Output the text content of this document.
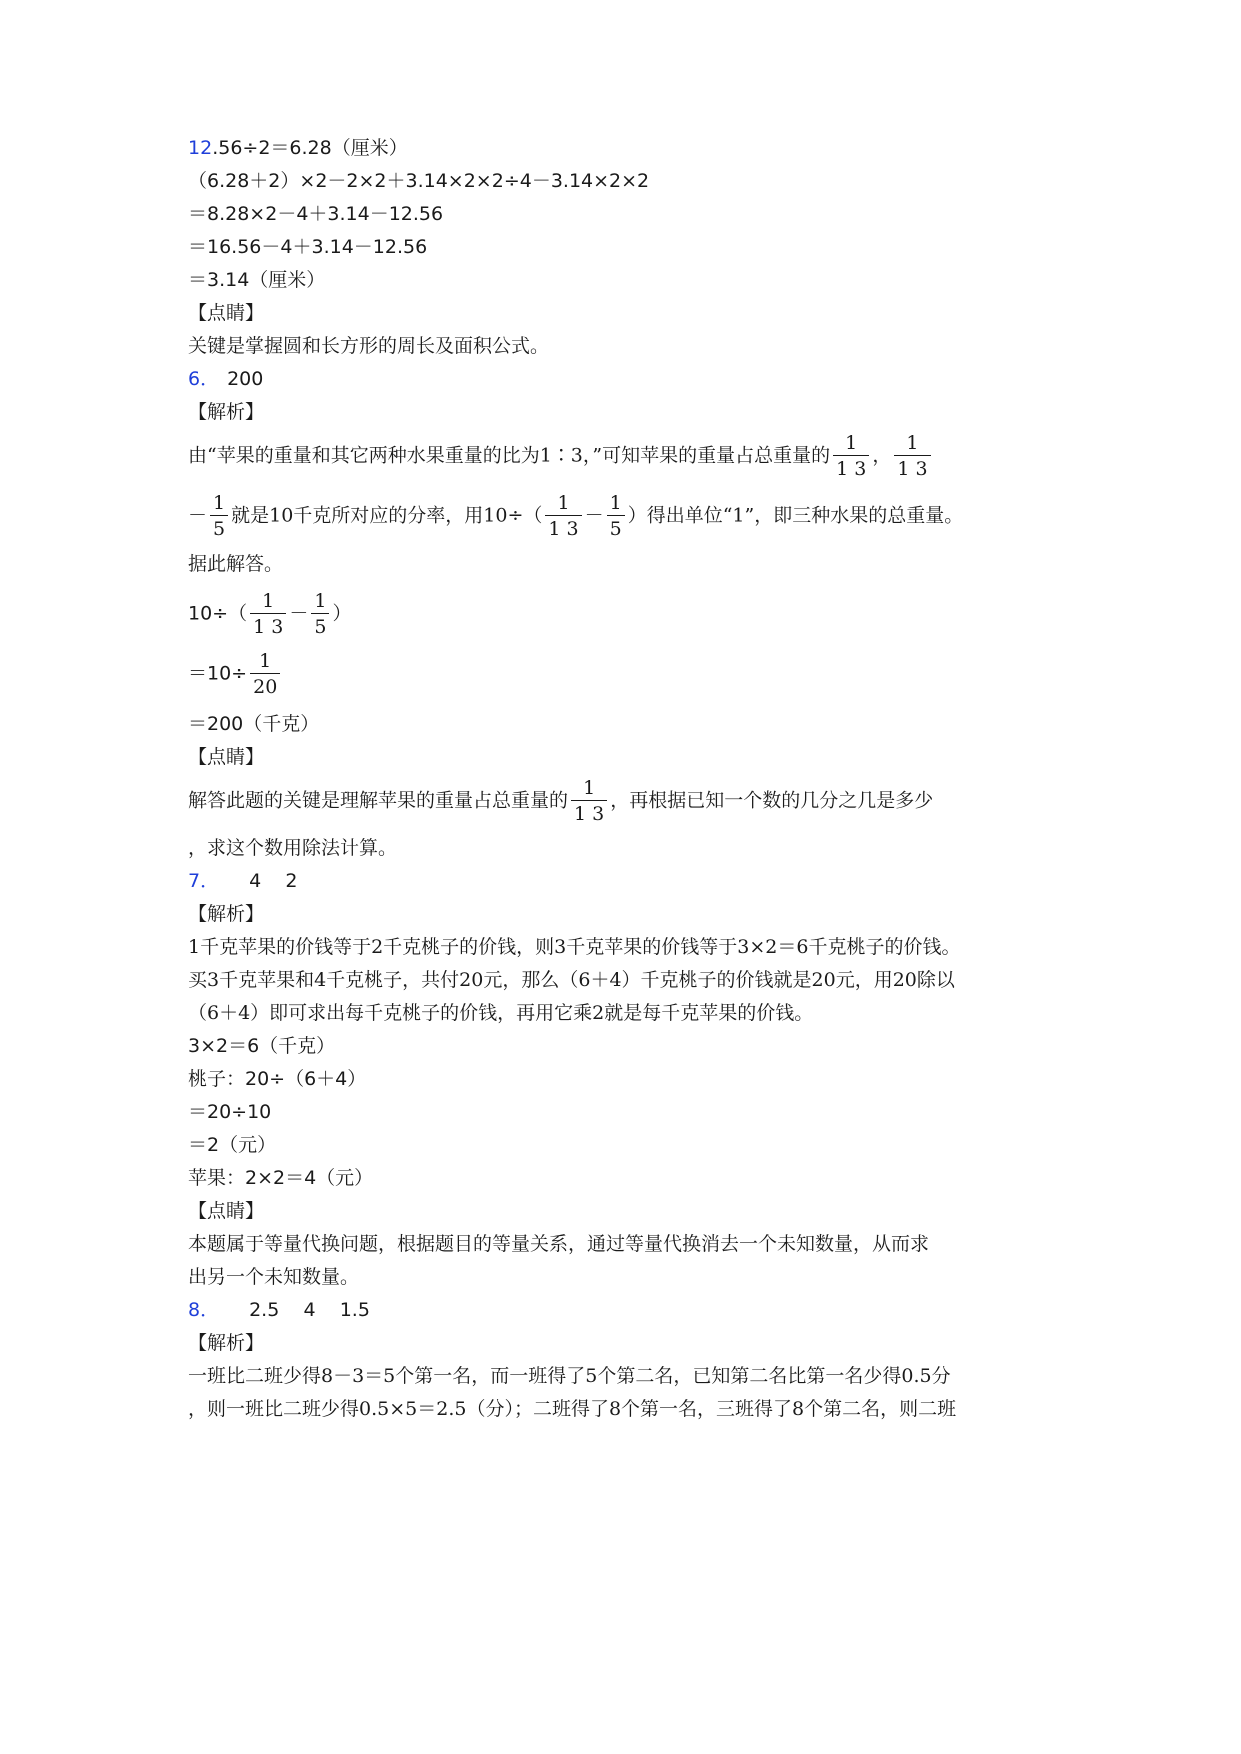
12.56÷2＝6.28（厘米）
（6.28＋2）×2－2×2＋3.14×2×2÷4－3.14×2×2
＝8.28×2－4＋3.14－12.56
＝16.56－4＋3.14－12.56
＝3.14（厘米）
【点睛】
关键是掌握圆和长方形的周长及面积公式。
6． 200
【解析】
由“苹果的重量和其它两种水果重量的比为1∶3，”可知苹果的重量占总重量的 $\frac{1}{1 3}$ ， $\frac{1}{1 3}$
－ $\frac{1}{5}$ 就是10千克所对应的分率，用$10\div( \frac{1}{1 3} - \frac{1}{5}$ ）得出单位“1”，即三种水果的总重量。
据此解答。
$10\div( \frac{1}{1 3} - \frac{1}{5}$ ）
$=10\div \frac{1}{20}$
＝200（千克）
【点睛】
解答此题的关键是理解苹果的重量占总重量的 $\frac{1}{1 3}$ ，再根据已知一个数的几分之几是多少
，求这个数用除法计算。
7． 4    2
【解析】
1千克苹果的价钱等于2千克桃子的价钱，则3千克苹果的价钱等于3×2＝6千克桃子的价钱。
买3千克苹果和4千克桃子，共付20元，那么（6＋4）千克桃子的价钱就是20元，用20除以
（6＋4）即可求出每千克桃子的价钱，再用它乘2就是每千克苹果的价钱。
3×2＝6（千克）
桃子：20÷（6＋4）
＝20÷10
＝2（元）
苹果：2×2＝4（元）
【点睛】
本题属于等量代换问题，根据题目的等量关系，通过等量代换消去一个未知数量，从而求
出另一个未知数量。
8． 2.5    4    1.5
【解析】
一班比二班少得8－3＝5个第一名，而一班得了5个第二名，已知第二名比第一名少得0.5分
，则一班比二班少得0.5×5＝2.5（分）；二班得了8个第一名，三班得了8个第二名，则二班
